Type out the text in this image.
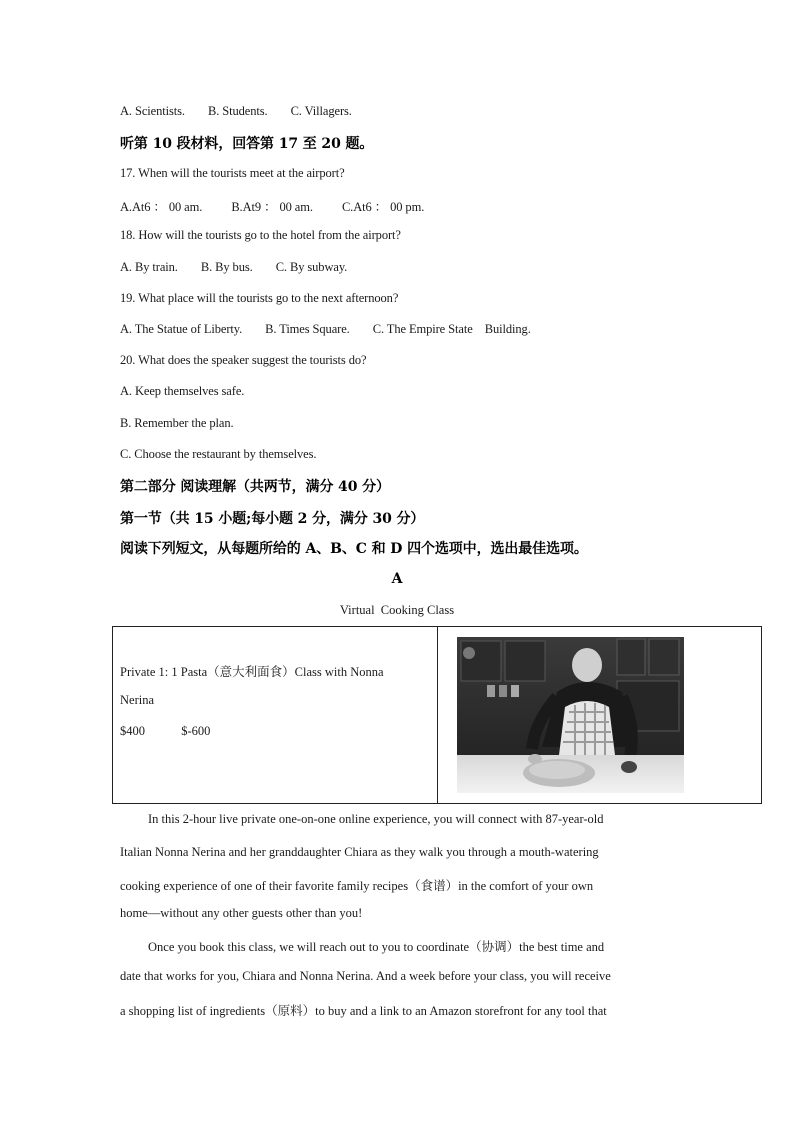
A. Scientists. B. Students. C. Villagers.
听第 10 段材料，回答第 17 至 20 题。
17. When will the tourists meet at the airport?
A.At6 ： 00 am. B.At9 ： 00 am. C.At6 ： 00 pm.
18. How will the tourists go to the hotel from the airport?
A. By train. B. By bus. C. By subway.
19. What place will the tourists go to the next afternoon?
A. The Statue of Liberty. B. Times Square. C. The Empire State    Building.
20. What does the speaker suggest the tourists do?
A. Keep themselves safe.
B. Remember the plan.
C. Choose the restaurant by themselves.
第二部分 阅读理解（共两节，满分 40 分）
第一节（共 15 小题;每小题 2 分，满分 30 分）
阅读下列短文，从每题所给的 A、B、C 和 D 四个选项中，选出最佳选项。
A
Virtual  Cooking Class
Private 1: 1 Pasta（意大利面食）Class with Nonna
Nerina
$400	$-600
In this 2-hour live private one-on-one online experience, you will connect with 87-year-old
Italian Nonna Nerina and her granddaughter Chiara as they walk you through a mouth-watering
cooking experience of one of their favorite family recipes（食谱）in the comfort of your own
home—without any other guests other than you!
Once you book this class, we will reach out to you to coordinate（协调）the best time and
date that works for you, Chiara and Nonna Nerina. And a week before your class, you will receive
a shopping list of ingredients（原料）to buy and a link to an Amazon storefront for any tool that
